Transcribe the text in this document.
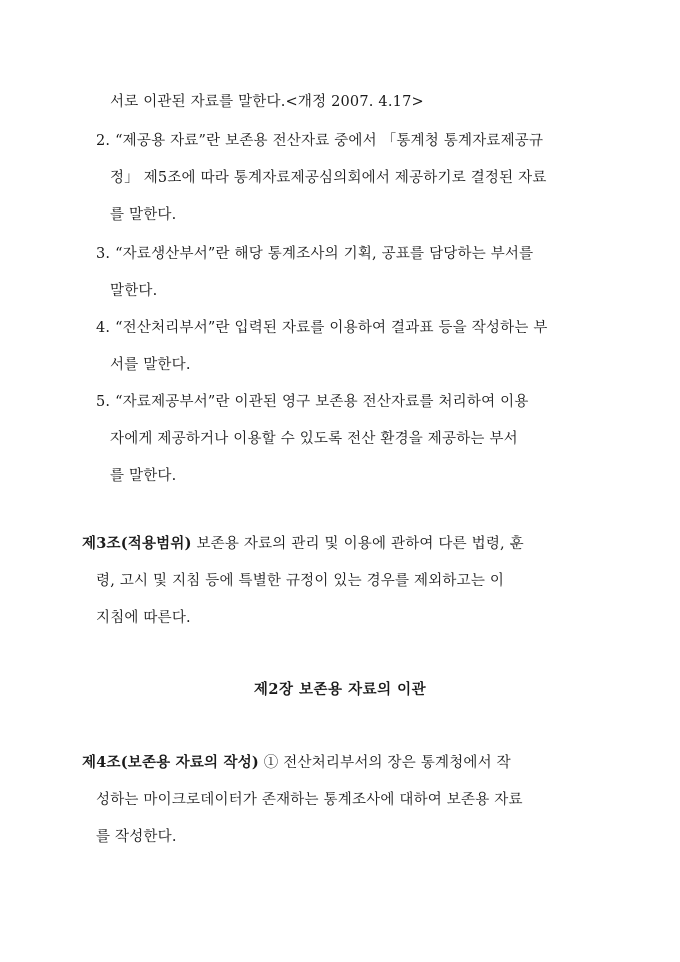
서로 이관된 자료를 말한다.<개정 2007. 4.17>
2. “제공용 자료”란 보존용 전산자료 중에서 「통계청 통계자료제공규
정」 제5조에 따라 통계자료제공심의회에서 제공하기로 결정된 자료
를 말한다.
3. “자료생산부서”란 해당 통계조사의 기획, 공표를 담당하는 부서를
말한다.
4. “전산처리부서”란 입력된 자료를 이용하여 결과표 등을 작성하는 부
서를 말한다.
5. “자료제공부서”란 이관된 영구 보존용 전산자료를 처리하여 이용
자에게 제공하거나 이용할 수 있도록 전산 환경을 제공하는 부서
를 말한다.
제3조(적용범위) 보존용 자료의 관리 및 이용에 관하여 다른 법령, 훈
령, 고시 및 지침 등에 특별한 규정이 있는 경우를 제외하고는 이
지침에 따른다.
제2장 보존용 자료의 이관
제4조(보존용 자료의 작성) ① 전산처리부서의 장은 통계청에서 작
성하는 마이크로데이터가 존재하는 통계조사에 대하여 보존용 자료
를 작성한다.
